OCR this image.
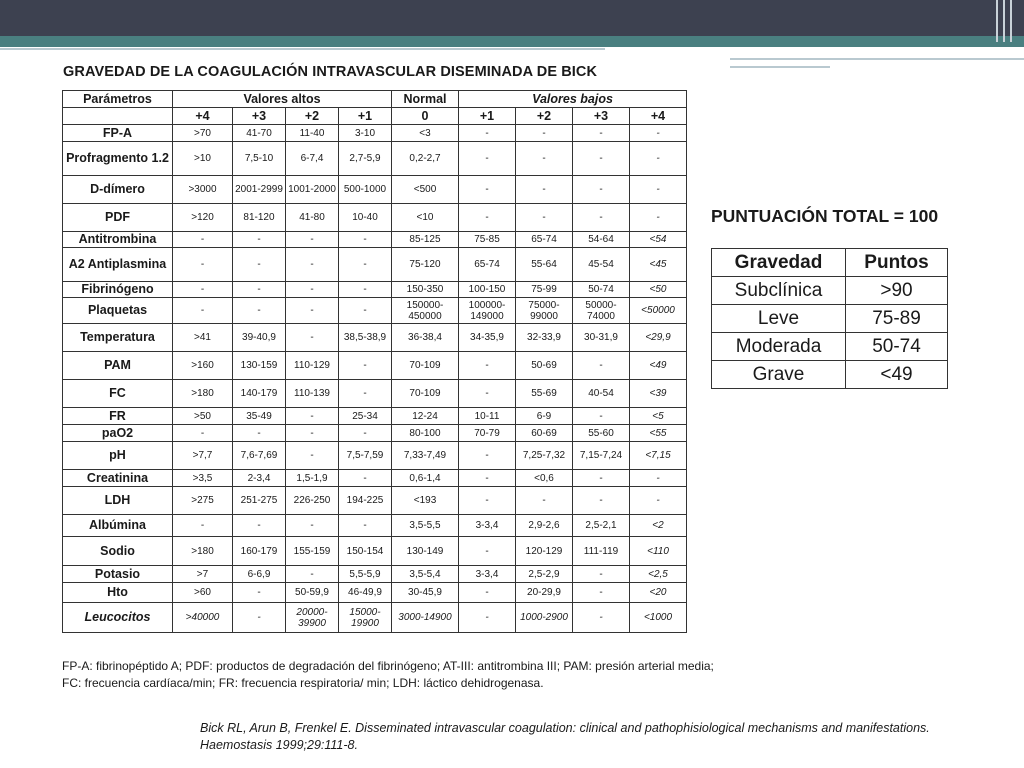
GRAVEDAD DE LA COAGULACIÓN INTRAVASCULAR DISEMINADA DE BICK
Parámetros	Valores altos				Normal	Valores bajos			
	+4	+3	+2	+1	0	+1	+2	+3	+4
FP-A	>70	41-70	11-40	3-10	<3	-	-	-	-
Profragmento 1.2	>10	7,5-10	6-7,4	2,7-5,9	0,2-2,7	-	-	-	-
D-dímero	>3000	2001-2999	1001-2000	500-1000	<500	-	-	-	-
PDF	>120	81-120	41-80	10-40	<10	-	-	-	-
Antitrombina	-	-	-	-	85-125	75-85	65-74	54-64	<54
A2 Antiplasmina	-	-	-	-	75-120	65-74	55-64	45-54	<45
Fibrinógeno	-	-	-	-	150-350	100-150	75-99	50-74	<50
Plaquetas	-	-	-	-	150000-450000	100000-149000	75000-99000	50000-74000	<50000
Temperatura	>41	39-40,9	-	38,5-38,9	36-38,4	34-35,9	32-33,9	30-31,9	<29,9
PAM	>160	130-159	110-129	-	70-109	-	50-69	-	<49
FC	>180	140-179	110-139	-	70-109	-	55-69	40-54	<39
FR	>50	35-49	-	25-34	12-24	10-11	6-9	-	<5
paO2	-	-	-	-	80-100	70-79	60-69	55-60	<55
pH	>7,7	7,6-7,69	-	7,5-7,59	7,33-7,49	-	7,25-7,32	7,15-7,24	<7,15
Creatinina	>3,5	2-3,4	1,5-1,9	-	0,6-1,4	-	<0,6	-	-
LDH	>275	251-275	226-250	194-225	<193	-	-	-	-
Albúmina	-	-	-	-	3,5-5,5	3-3,4	2,9-2,6	2,5-2,1	<2
Sodio	>180	160-179	155-159	150-154	130-149	-	120-129	111-119	<110
Potasio	>7	6-6,9	-	5,5-5,9	3,5-5,4	3-3,4	2,5-2,9	-	<2,5
Hto	>60	-	50-59,9	46-49,9	30-45,9	-	20-29,9	-	<20
Leucocitos	>40000	-	20000-39900	15000-19900	3000-14900	-	1000-2900	-	<1000
FP-A: fibrinopéptido A; PDF: productos de degradación del fibrinógeno; AT-III: antitrombina III; PAM: presión arterial media; FC: frecuencia cardíaca/min; FR: frecuencia respiratoria/ min; LDH: láctico dehidrogenasa.
Bick RL, Arun B, Frenkel E. Disseminated intravascular coagulation: clinical and pathophisiological mechanisms and manifestations. Haemostasis 1999;29:111-8.
PUNTUACIÓN TOTAL = 100
Gravedad	Puntos
Subclínica	>90
Leve	75-89
Moderada	50-74
Grave	<49
